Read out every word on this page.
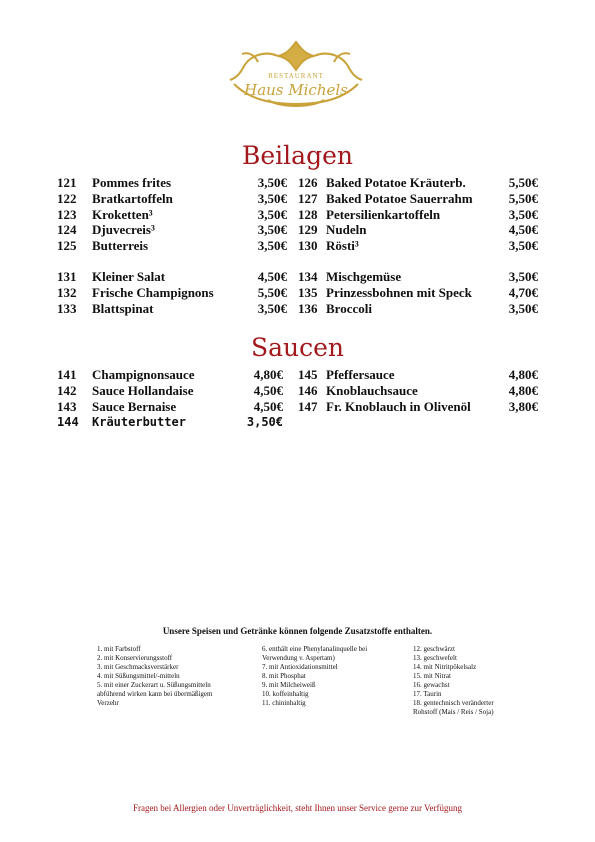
RESTAURANT
Haus Michels
Beilagen
121 Pommes frites	3,50€
122 Bratkartoffeln	3,50€
123 Kroketten³	3,50€
124 Djuvecreis³	3,50€
125 Butterreis	3,50€
126 Baked Potatoe Kräuterb.	5,50€
127 Baked Potatoe Sauerrahm	5,50€
128 Petersilienkartoffeln	3,50€
129 Nudeln	4,50€
130 Rösti³	3,50€
131 Kleiner Salat	4,50€
132 Frische Champignons	5,50€
133 Blattspinat	3,50€
134 Mischgemüse	3,50€
135 Prinzessbohnen mit Speck	4,70€
136 Broccoli	3,50€
Saucen
141 Champignonsauce	4,80€
142 Sauce Hollandaise	4,50€
143 Sauce Bernaise	4,50€
144 Kräuterbutter	3,50€
145 Pfeffersauce	4,80€
146 Knoblauchsauce	4,80€
147 Fr. Knoblauch in Olivenöl	3,80€
Unsere Speisen und Getränke können folgende Zusatzstoffe enthalten.
1. mit Farbstoff
2. mit Konservierungsstoff
3. mit Geschmacksverstärker
4. mit Süßungsmittel/-mitteln
5. mit einer Zuckerart u. Süßungsmitteln
abführend wirken kann bei übermäßigem
Verzehr
6. enthält eine Phenylanalinquelle bei
Verwendung v. Aspertam)
7. mit Antioxidationsmittel
8. mit Phosphat
9. mit Milcheiweiß
10. koffeinhaltig
11. chininhaltig
12. geschwärzt
13. geschwefelt
14. mit Nitritpökelsalz
15. mit Nitrat
16. gewachst
17. Taurin
18. gentechnisch veränderter
Rohstoff (Mais / Reis / Soja)
Fragen bei Allergien oder Unverträglichkeit, steht Ihnen unser Service gerne zur Verfügung
